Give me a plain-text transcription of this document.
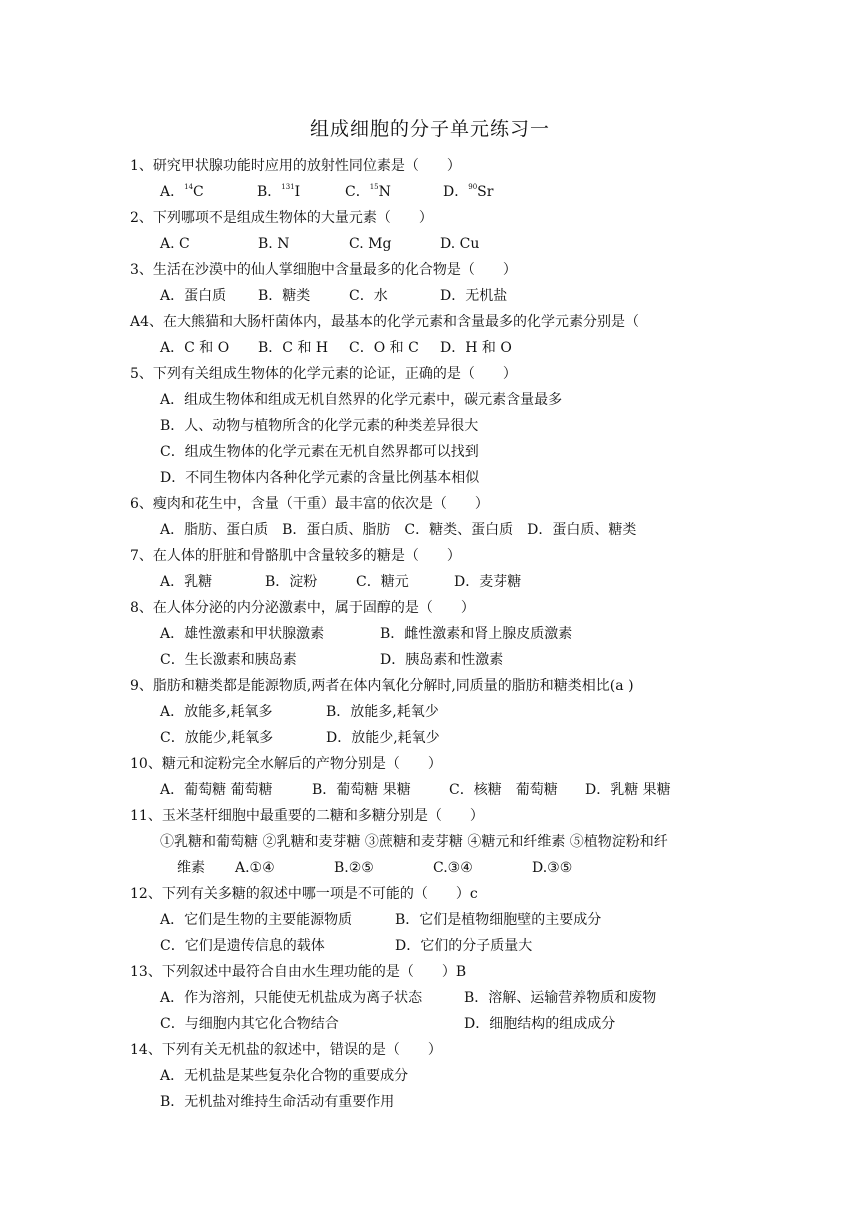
组成细胞的分子单元练习一
1、研究甲状腺功能时应用的放射性同位素是（　　）
A．$^{14}$C	B．$^{131}$I	C．$^{15}$N	D．$^{90}$Sr
2、下列哪项不是组成生物体的大量元素（　　）
A. C	B. N	C. Mg	D. Cu
3、生活在沙漠中的仙人掌细胞中含量最多的化合物是（　　）
A．蛋白质 B．糖类	C．水	D．无机盐
A4、在大熊猫和大肠杆菌体内，最基本的化学元素和含量最多的化学元素分别是（
A．C 和 O B．C 和 H C．O 和 C D．H 和 O
5、下列有关组成生物体的化学元素的论证，正确的是（　　）
A．组成生物体和组成无机自然界的化学元素中，碳元素含量最多
B．人、动物与植物所含的化学元素的种类差异很大
C．组成生物体的化学元素在无机自然界都可以找到
D．不同生物体内各种化学元素的含量比例基本相似
6、瘦肉和花生中，含量（干重）最丰富的依次是（　　）
A．脂肪、蛋白质　B．蛋白质、脂肪　C．糖类、蛋白质　D．蛋白质、糖类
7、在人体的肝脏和骨骼肌中含量较多的糖是（　　）
A．乳糖	B．淀粉	C．糖元	D．麦芽糖
8、在人体分泌的内分泌激素中，属于固醇的是（　　）
A．雄性激素和甲状腺激素	B．雌性激素和肾上腺皮质激素
C．生长激素和胰岛素	D．胰岛素和性激素
9、脂肪和糖类都是能源物质,两者在体内氧化分解时,同质量的脂肪和糖类相比(a )
A．放能多,耗氧多	B．放能多,耗氧少
C．放能少,耗氧多	D．放能少,耗氧少
10、糖元和淀粉完全水解后的产物分别是（　　）
A．葡萄糖 葡萄糖	B．葡萄糖 果糖	C．核糖　葡萄糖 D．乳糖 果糖
11、玉米茎杆细胞中最重要的二糖和多糖分别是（　　）
①乳糖和葡萄糖 ②乳糖和麦芽糖 ③蔗糖和麦芽糖 ④糖元和纤维素 ⑤植物淀粉和纤
维素 A.①④	B.②⑤	C.③④	D.③⑤
12、下列有关多糖的叙述中哪一项是不可能的（　　）c
A．它们是生物的主要能源物质	B．它们是植物细胞壁的主要成分
C．它们是遗传信息的载体	D．它们的分子质量大
13、下列叙述中最符合自由水生理功能的是（　　）B
A．作为溶剂，只能使无机盐成为离子状态	B．溶解、运输营养物质和废物
C．与细胞内其它化合物结合	D．细胞结构的组成成分
14、下列有关无机盐的叙述中，错误的是（　　）
A．无机盐是某些复杂化合物的重要成分
B．无机盐对维持生命活动有重要作用
